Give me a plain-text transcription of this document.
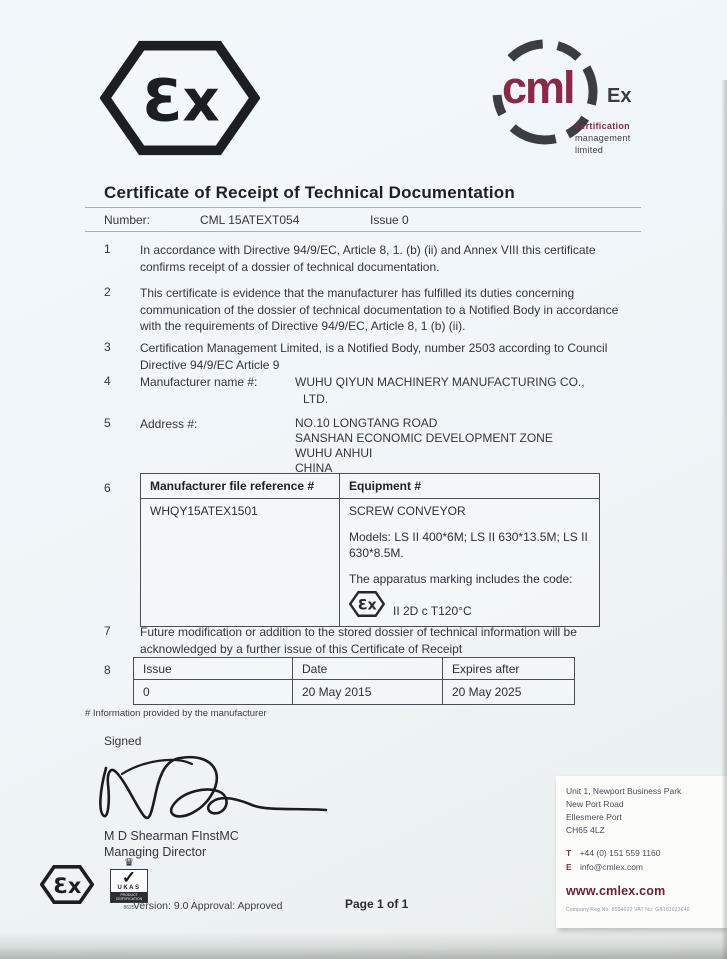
Ɛx	cml Ex
certification
management
limited
Certificate of Receipt of Technical Documentation
Number:	CML 15ATEXT054	Issue 0
1 In accordance with Directive 94/9/EC, Article 8, 1. (b) (ii) and Annex VIII this certificate confirms receipt of a dossier of technical documentation.
2 This certificate is evidence that the manufacturer has fulfilled its duties concerning communication of the dossier of technical documentation to a Notified Body in accordance with the requirements of Directive 94/9/EC, Article 8, 1 (b) (ii).
3 Certification Management Limited, is a Notified Body, number 2503 according to Council Directive 94/9/EC Article 9
4 Manufacturer name #:	WUHU QIYUN MACHINERY MANUFACTURING CO.,
LTD.
5 Address #:	NO.10 LONGTANG ROAD
SANSHAN ECONOMIC DEVELOPMENT ZONE
WUHU ANHUI
CHINA
6	Manufacturer file reference #	Equipment #
WHQY15ATEX1501	SCREW CONVEYOR
Models: LS II 400*6M; LS II 630*13.5M; LS II 630*8.5M.
The apparatus marking includes the code:
Ɛx II 2D c T120°C
7 Future modification or addition to the stored dossier of technical information will be acknowledged by a further issue of this Certificate of Receipt
8	Issue	Date	Expires after
0	20 May 2015	20 May 2025
# Information provided by the manufacturer
Signed
M D Shearman FInstMC
Managing Director
Ɛx
♛
✓
UKAS
PRODUCT CERTIFICATION
8625
Version: 9.0 Approval: Approved	Page 1 of 1
Unit 1, Newport Business Park
New Port Road
Ellesmere Port
CH65 4LZ
T +44 (0) 151 559 1160
E info@cmlex.com
www.cmlex.com
Company Reg No: 8554022 VAT No: GB163023640
